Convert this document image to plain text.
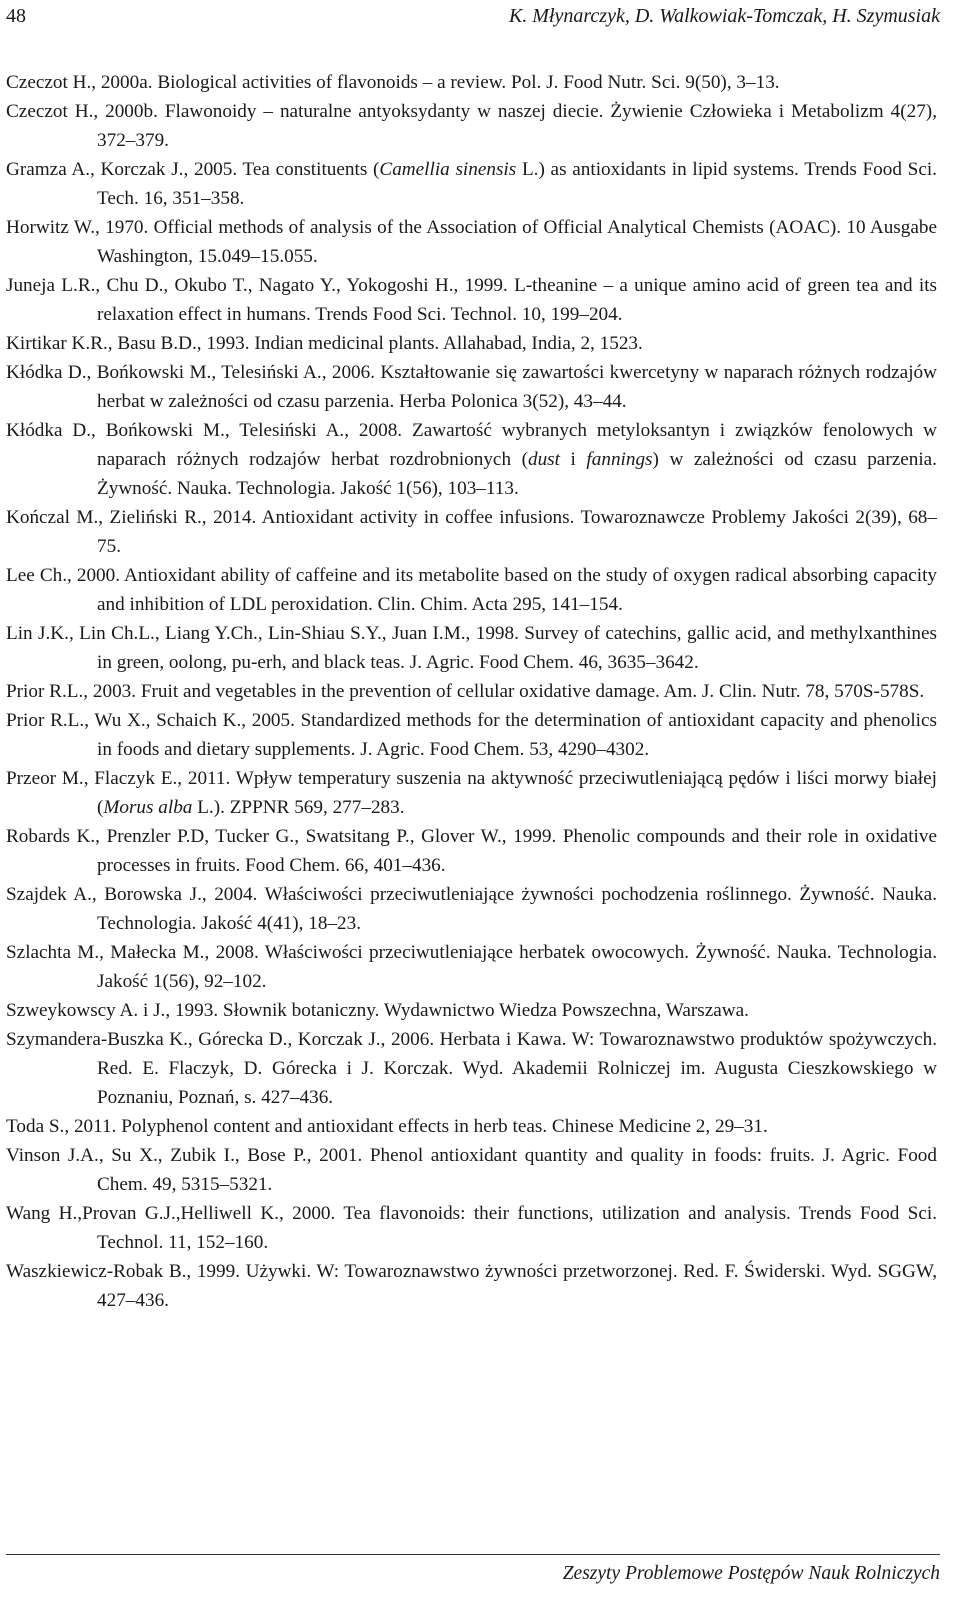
48	K. Młynarczyk, D. Walkowiak-Tomczak, H. Szymusiak
Czeczot H., 2000a. Biological activities of flavonoids – a review. Pol. J. Food Nutr. Sci. 9(50), 3–13.
Czeczot H., 2000b. Flawonoidy – naturalne antyoksydanty w naszej diecie. Żywienie Człowieka i Metabolizm 4(27), 372–379.
Gramza A., Korczak J., 2005. Tea constituents (Camellia sinensis L.) as antioxidants in lipid systems. Trends Food Sci. Tech. 16, 351–358.
Horwitz W., 1970. Official methods of analysis of the Association of Official Analytical Chemists (AOAC). 10 Ausgabe Washington, 15.049–15.055.
Juneja L.R., Chu D., Okubo T., Nagato Y., Yokogoshi H., 1999. L-theanine – a unique amino acid of green tea and its relaxation effect in humans. Trends Food Sci. Technol. 10, 199–204.
Kirtikar K.R., Basu B.D., 1993. Indian medicinal plants. Allahabad, India, 2, 1523.
Kłódka D., Bońkowski M., Telesiński A., 2006. Kształtowanie się zawartości kwercetyny w naparach różnych rodzajów herbat w zależności od czasu parzenia. Herba Polonica 3(52), 43–44.
Kłódka D., Bońkowski M., Telesiński A., 2008. Zawartość wybranych metyloksantyn i związków fenolowych w naparach różnych rodzajów herbat rozdrobnionych (dust i fannings) w zależności od czasu parzenia. Żywność. Nauka. Technologia. Jakość 1(56), 103–113.
Kończal M., Zieliński R., 2014. Antioxidant activity in coffee infusions. Towaroznawcze Problemy Jakości 2(39), 68–75.
Lee Ch., 2000. Antioxidant ability of caffeine and its metabolite based on the study of oxygen radical absorbing capacity and inhibition of LDL peroxidation. Clin. Chim. Acta 295, 141–154.
Lin J.K., Lin Ch.L., Liang Y.Ch., Lin-Shiau S.Y., Juan I.M., 1998. Survey of catechins, gallic acid, and methylxanthines in green, oolong, pu-erh, and black teas. J. Agric. Food Chem. 46, 3635–3642.
Prior R.L., 2003. Fruit and vegetables in the prevention of cellular oxidative damage. Am. J. Clin. Nutr. 78, 570S-578S.
Prior R.L., Wu X., Schaich K., 2005. Standardized methods for the determination of antioxidant capacity and phenolics in foods and dietary supplements. J. Agric. Food Chem. 53, 4290–4302.
Przeor M., Flaczyk E., 2011. Wpływ temperatury suszenia na aktywność przeciwutleniającą pędów i liści morwy białej (Morus alba L.). ZPPNR 569, 277–283.
Robards K., Prenzler P.D, Tucker G., Swatsitang P., Glover W., 1999. Phenolic compounds and their role in oxidative processes in fruits. Food Chem. 66, 401–436.
Szajdek A., Borowska J., 2004. Właściwości przeciwutleniające żywności pochodzenia roślinnego. Żywność. Nauka. Technologia. Jakość 4(41), 18–23.
Szlachta M., Małecka M., 2008. Właściwości przeciwutleniające herbatek owocowych. Żywność. Nauka. Technologia. Jakość 1(56), 92–102.
Szweykowscy A. i J., 1993. Słownik botaniczny. Wydawnictwo Wiedza Powszechna, Warszawa.
Szymandera-Buszka K., Górecka D., Korczak J., 2006. Herbata i Kawa. W: Towaroznawstwo produktów spożywczych. Red. E. Flaczyk, D. Górecka i J. Korczak. Wyd. Akademii Rolniczej im. Augusta Cieszkowskiego w Poznaniu, Poznań, s. 427–436.
Toda S., 2011. Polyphenol content and antioxidant effects in herb teas. Chinese Medicine 2, 29–31.
Vinson J.A., Su X., Zubik I., Bose P., 2001. Phenol antioxidant quantity and quality in foods: fruits. J. Agric. Food Chem. 49, 5315–5321.
Wang H.,Provan G.J.,Helliwell K., 2000. Tea flavonoids: their functions, utilization and analysis. Trends Food Sci. Technol. 11, 152–160.
Waszkiewicz-Robak B., 1999. Używki. W: Towaroznawstwo żywności przetworzonej. Red. F. Świderski. Wyd. SGGW, 427–436.
Zeszyty Problemowe Postępów Nauk Rolniczych
